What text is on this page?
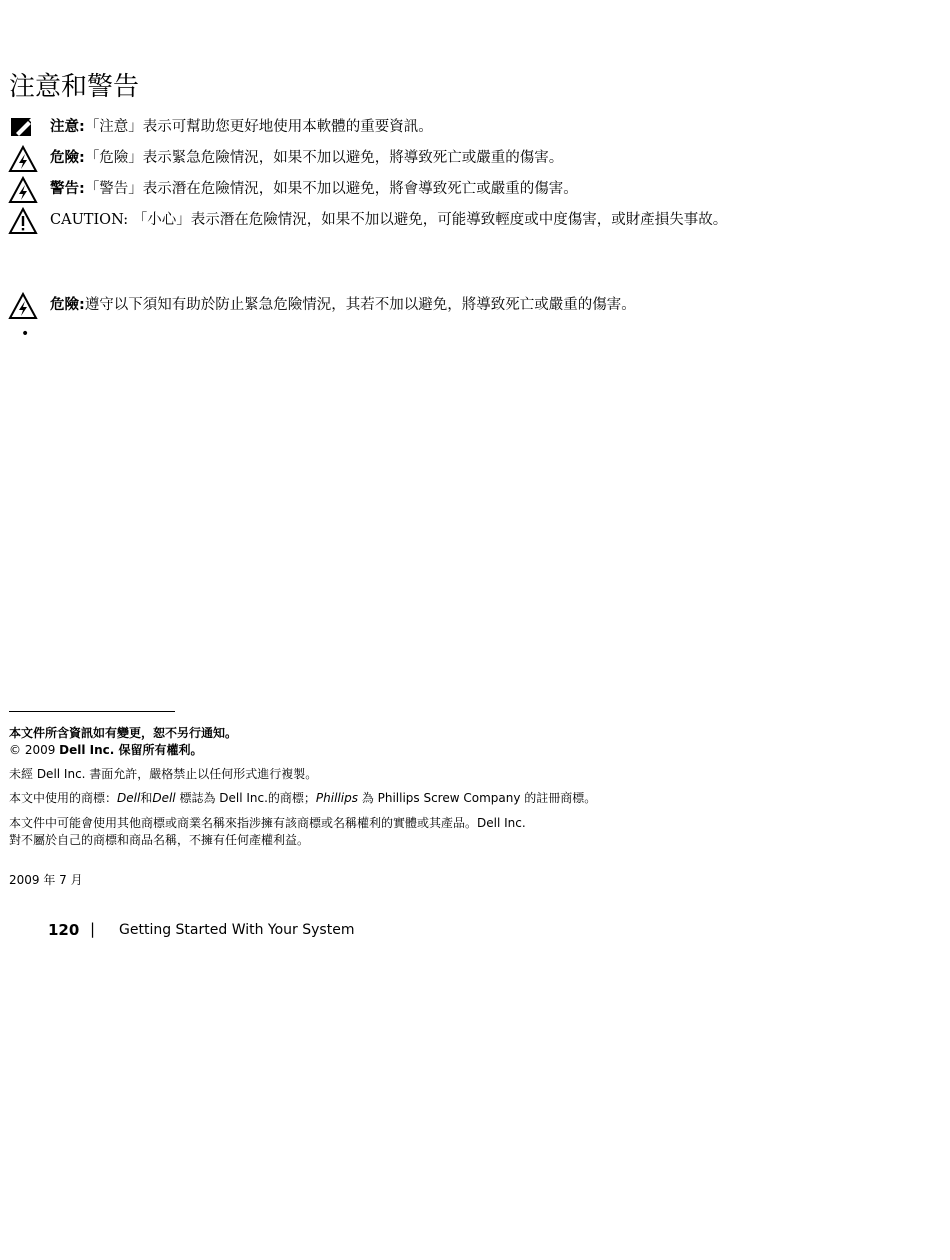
注意和警告
注意:「注意」表示可幫助您更好地使用本軟體的重要資訊。
危險:「危險」表示緊急危險情況，如果不加以避免，將導致死亡或嚴重的傷害。
警告:「警告」表示潛在危險情況，如果不加以避免，將會導致死亡或嚴重的傷害。
CAUTION: 「小心」表示潛在危險情況，如果不加以避免，可能導致輕度或中度傷害，或財產損失事故。
危險:遵守以下須知有助於防止緊急危險情況，其若不加以避免，將導致死亡或嚴重的傷害。
•
本文件所含資訊如有變更，恕不另行通知。
© 2009 Dell Inc. 保留所有權利。
未經 Dell Inc. 書面允許，嚴格禁止以任何形式進行複製。
本文中使用的商標：Dell和Dell 標誌為 Dell Inc.的商標；Phillips 為 Phillips Screw Company 的註冊商標。
本文件中可能會使用其他商標或商業名稱來指涉擁有該商標或名稱權利的實體或其產品。Dell Inc.
對不屬於自己的商標和商品名稱，不擁有任何產權利益。
2009 年 7 月
120 | Getting Started With Your System
